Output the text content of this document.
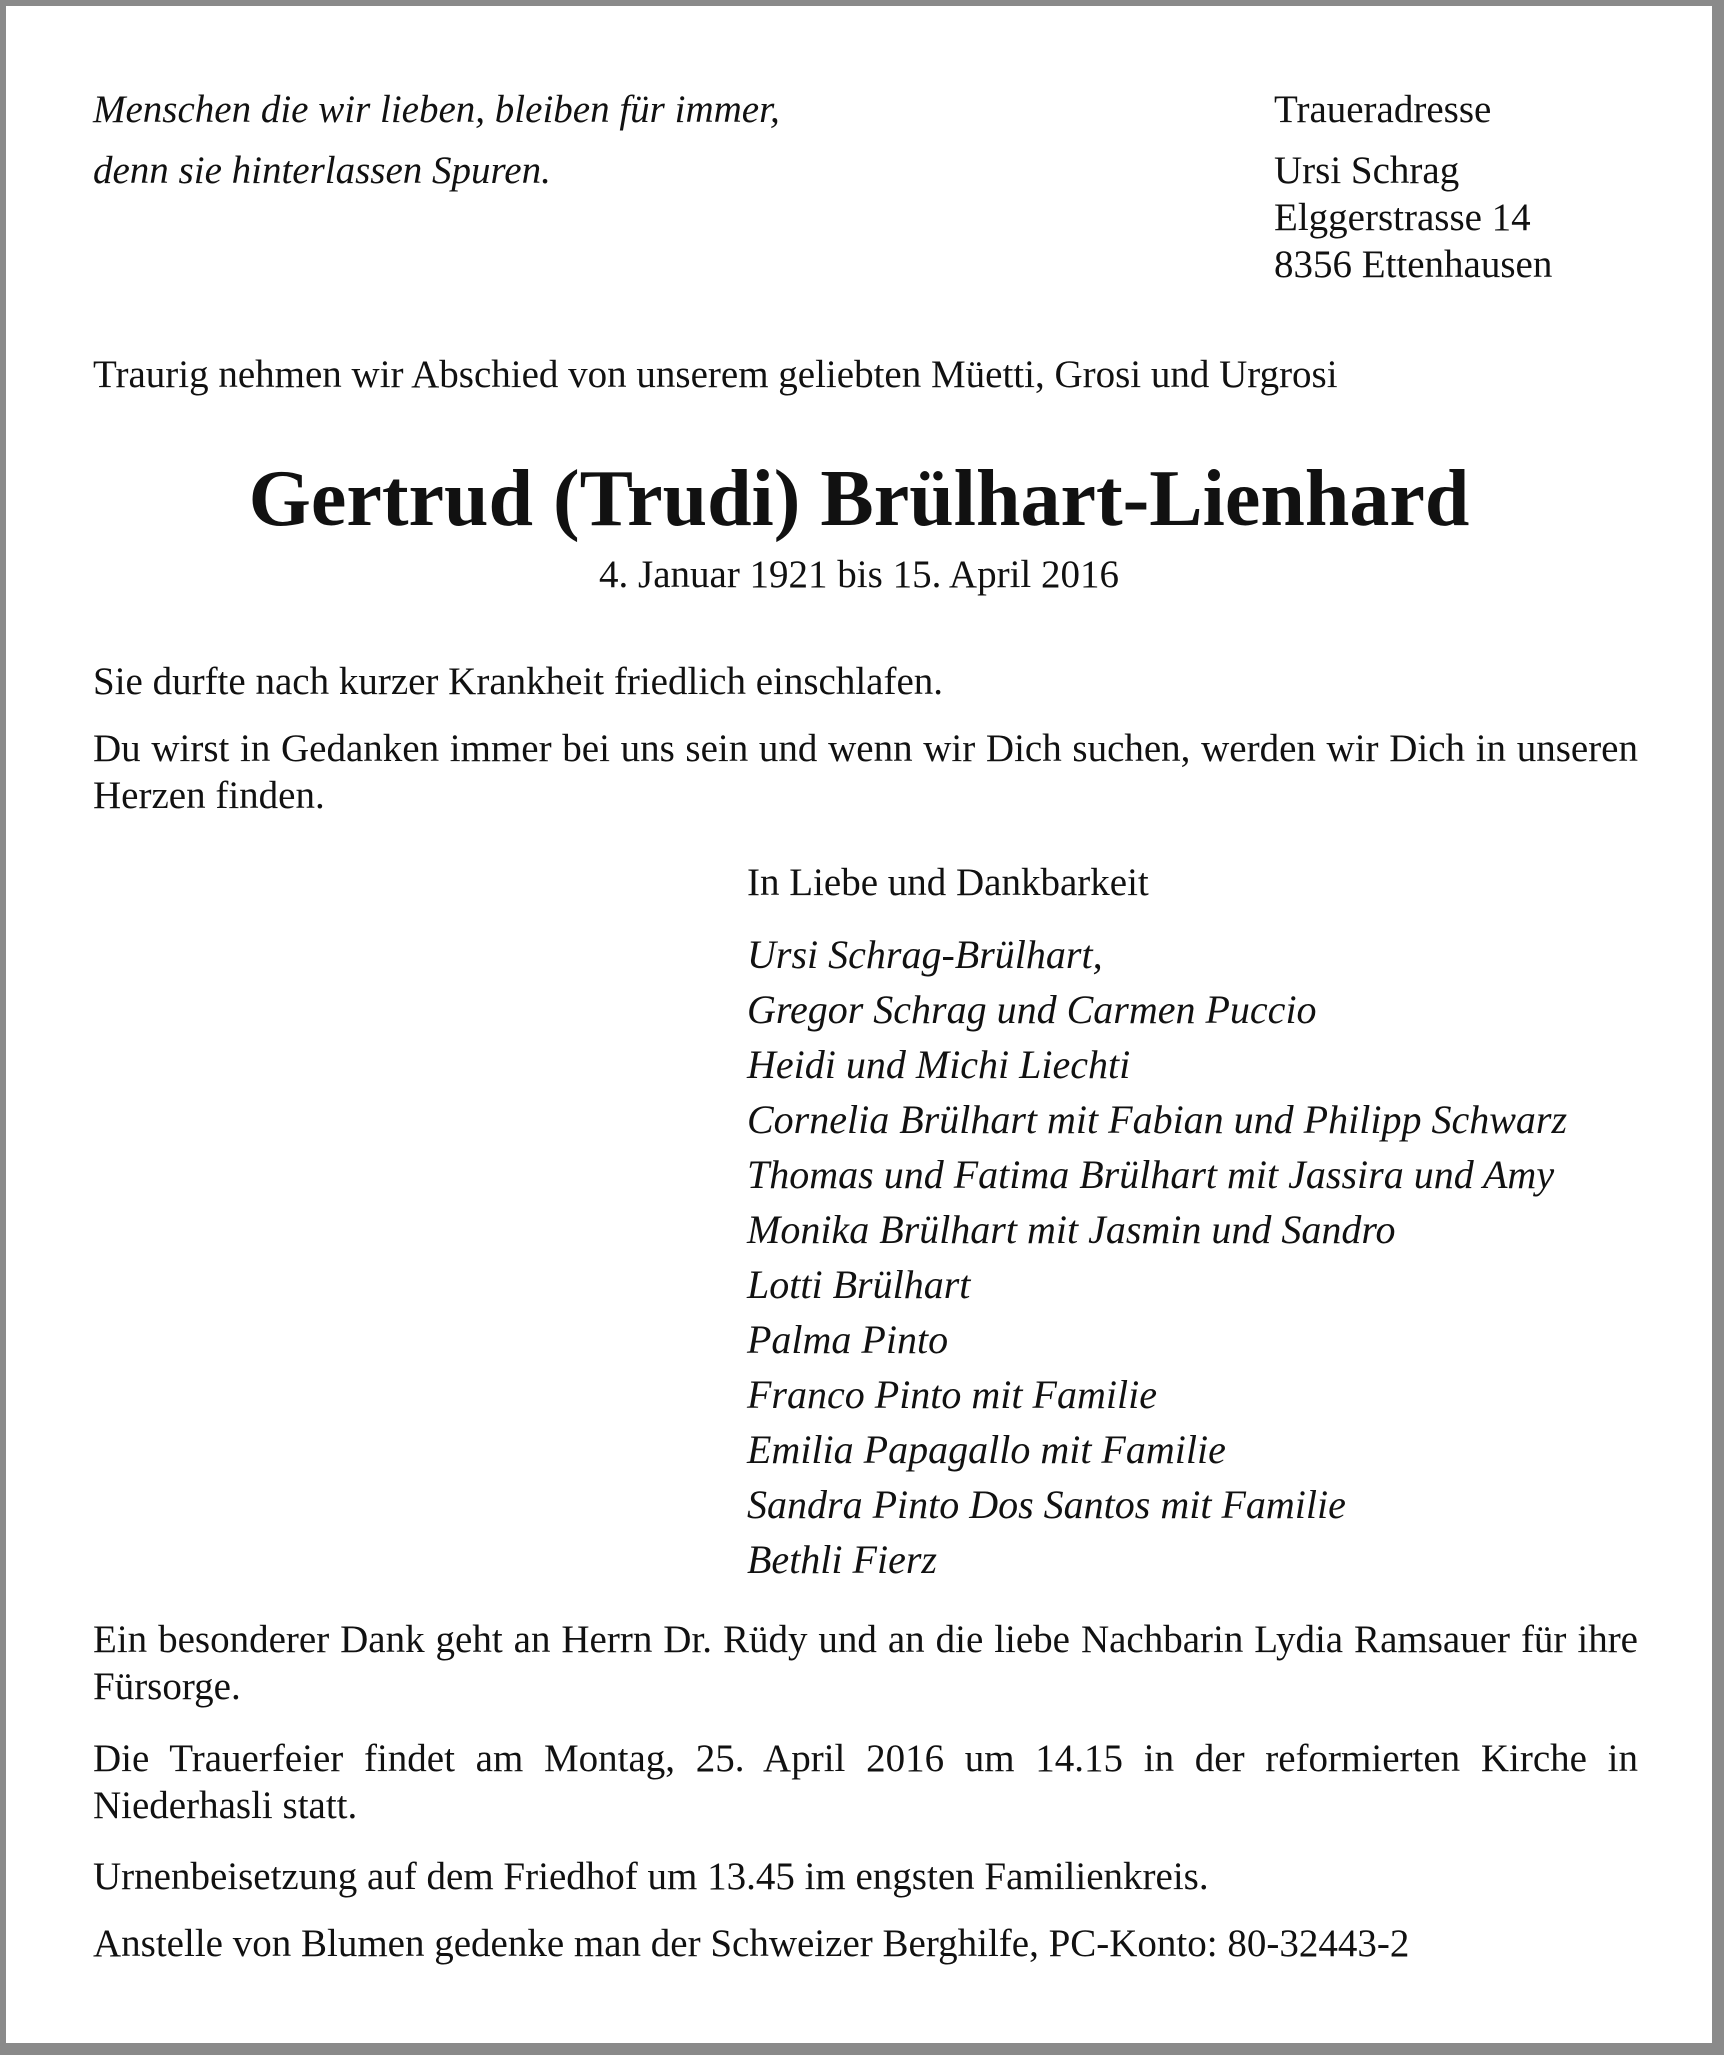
Menschen die wir lieben, bleiben für immer,

denn sie hinterlassen Spuren.

Traueradresse

Ursi Schrag

Elggerstrasse 14

8356 Ettenhausen

Traurig nehmen wir Abschied von unserem geliebten Müetti, Grosi und Urgrosi

Gertrud (Trudi) Brülhart-Lienhard

4. Januar 1921 bis 15. April 2016

Sie durfte nach kurzer Krankheit friedlich einschlafen.

Du wirst in Gedanken immer bei uns sein und wenn wir Dich suchen, werden wir Dich in unseren Herzen finden.

In Liebe und Dankbarkeit

Ursi Schrag-Brülhart,
Gregor Schrag und Carmen Puccio
Heidi und Michi Liechti
Cornelia Brülhart mit Fabian und Philipp Schwarz
Thomas und Fatima Brülhart mit Jassira und Amy
Monika Brülhart mit Jasmin und Sandro
Lotti Brülhart
Palma Pinto
Franco Pinto mit Familie
Emilia Papagallo mit Familie
Sandra Pinto Dos Santos mit Familie
Bethli Fierz

Ein besonderer Dank geht an Herrn Dr. Rüdy und an die liebe Nachbarin Lydia Ramsauer für ihre Fürsorge.

Die Trauerfeier findet am Montag, 25. April 2016 um 14.15 in der reformierten Kirche in Niederhasli statt.

Urnenbeisetzung auf dem Friedhof um 13.45 im engsten Familienkreis.

Anstelle von Blumen gedenke man der Schweizer Berghilfe, PC-Konto: 80-32443-2
